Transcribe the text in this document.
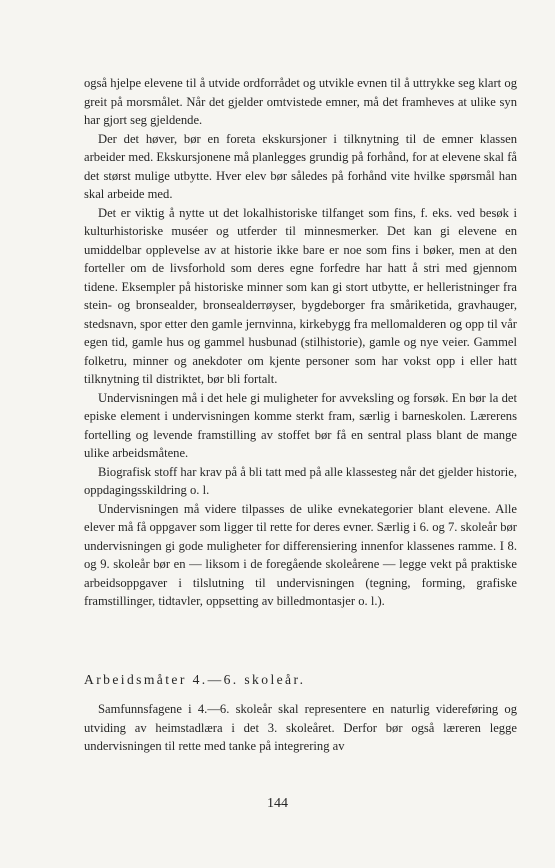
også hjelpe elevene til å utvide ordforrådet og utvikle evnen til å uttrykke seg klart og greit på morsmålet. Når det gjelder omtvistede emner, må det framheves at ulike syn har gjort seg gjeldende.

Der det høver, bør en foreta ekskursjoner i tilknytning til de emner klassen arbeider med. Ekskursjonene må planlegges grundig på forhånd, for at elevene skal få det størst mulige utbytte. Hver elev bør således på forhånd vite hvilke spørsmål han skal arbeide med.

Det er viktig å nytte ut det lokalhistoriske tilfanget som fins, f. eks. ved besøk i kulturhistoriske muséer og utferder til minnesmerker. Det kan gi elevene en umiddelbar opplevelse av at historie ikke bare er noe som fins i bøker, men at den forteller om de livsforhold som deres egne forfedre har hatt å stri med gjennom tidene. Eksempler på historiske minner som kan gi stort utbytte, er helleristninger fra stein- og bronsealder, bronsealderrøyser, bygdeborger fra småriketida, gravhauger, stedsnavn, spor etter den gamle jernvinna, kirkebygg fra mellomalderen og opp til vår egen tid, gamle hus og gammel husbunad (stilhistorie), gamle og nye veier. Gammel folketru, minner og anekdoter om kjente personer som har vokst opp i eller hatt tilknytning til distriktet, bør bli fortalt.

Undervisningen må i det hele gi muligheter for avveksling og forsøk. En bør la det episke element i undervisningen komme sterkt fram, særlig i barneskolen. Lærerens fortelling og levende framstilling av stoffet bør få en sentral plass blant de mange ulike arbeidsmåtene.

Biografisk stoff har krav på å bli tatt med på alle klassesteg når det gjelder historie, oppdagingsskildring o. l.

Undervisningen må videre tilpasses de ulike evnekategorier blant elevene. Alle elever må få oppgaver som ligger til rette for deres evner. Særlig i 6. og 7. skoleår bør undervisningen gi gode muligheter for differensiering innenfor klassenes ramme. I 8. og 9. skoleår bør en — liksom i de foregående skoleårene — legge vekt på praktiske arbeidsoppgaver i tilslutning til undervisningen (tegning, forming, grafiske framstillinger, tidtavler, oppsetting av billedmontasjer o. l.).

Arbeidsmåter 4.—6. skoleår.

Samfunnsfagene i 4.—6. skoleår skal representere en naturlig videreføring og utviding av heimstadlæra i det 3. skoleåret. Derfor bør også læreren legge undervisningen til rette med tanke på integrering av

144
